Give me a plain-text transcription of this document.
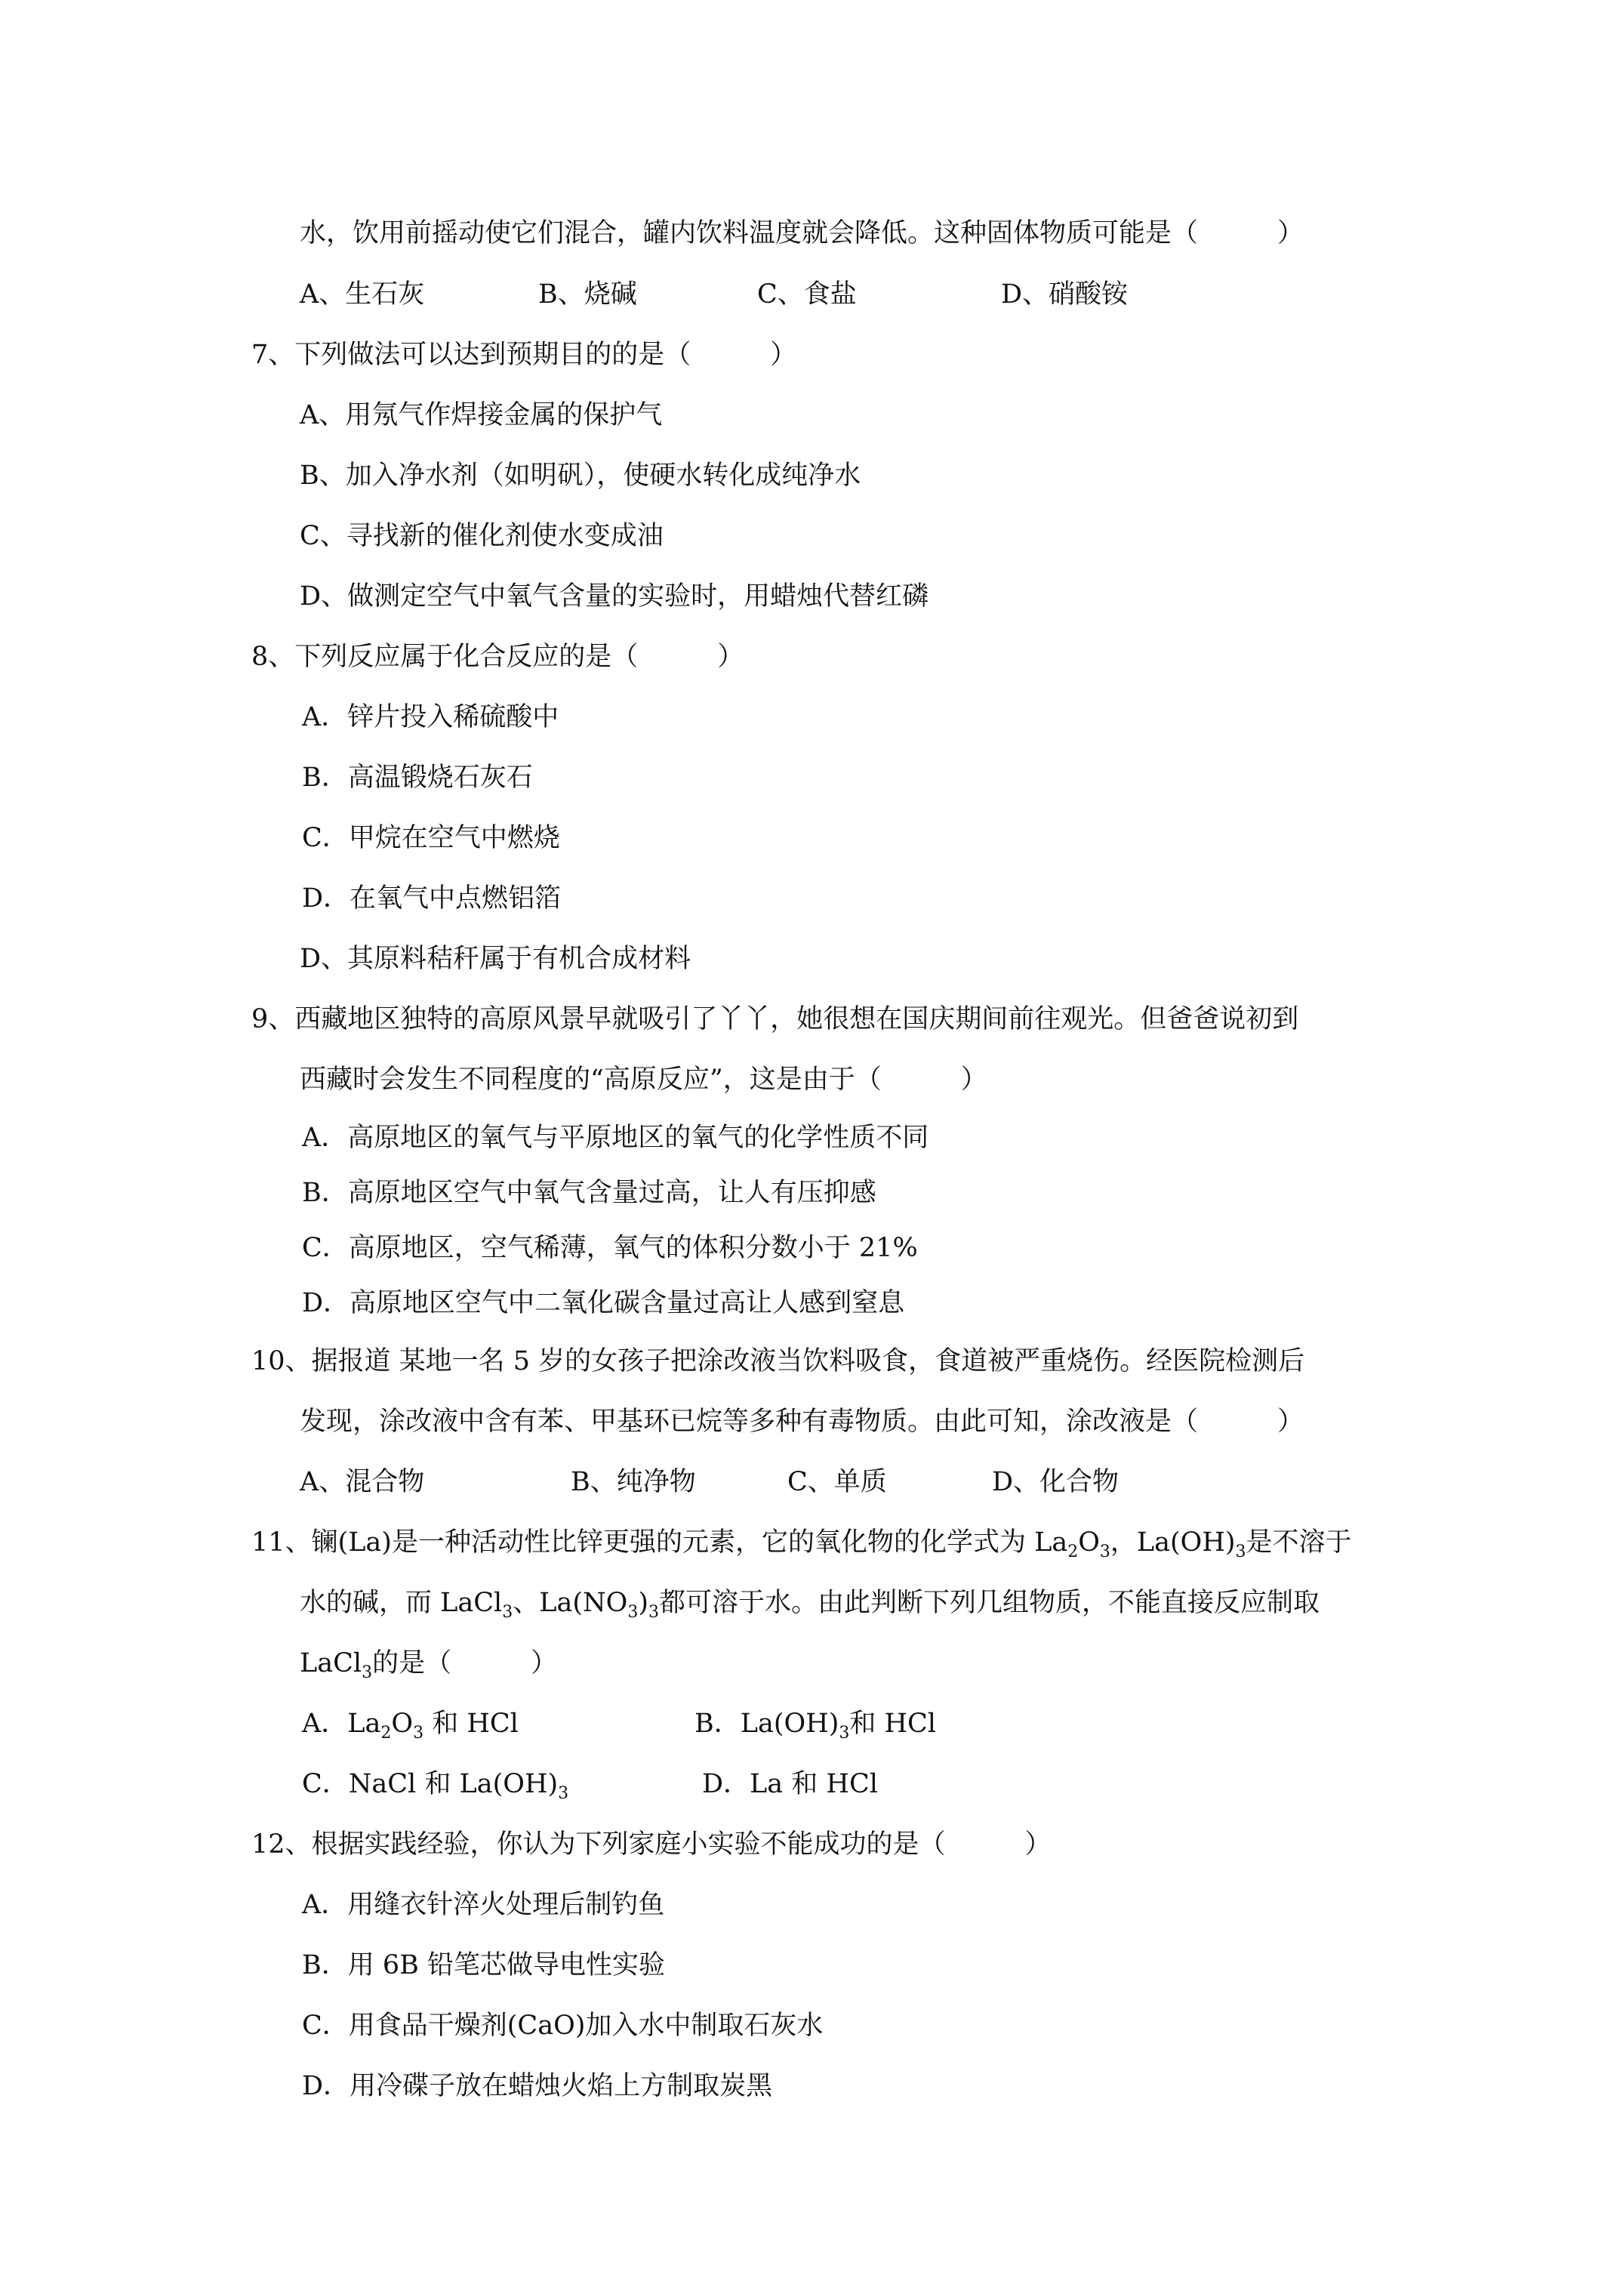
水，饮用前摇动使它们混合，罐内饮料温度就会降低。这种固体物质可能是（　　　）
A、生石灰	B、烧碱	C、食盐	D、硝酸铵
7、下列做法可以达到预期目的的是（　　　）
A、用氖气作焊接金属的保护气
B、加入净水剂（如明矾），使硬水转化成纯净水
C、寻找新的催化剂使水变成油
D、做测定空气中氧气含量的实验时，用蜡烛代替红磷
8、下列反应属于化合反应的是（　　　）
A．锌片投入稀硫酸中
B．高温锻烧石灰石
C．甲烷在空气中燃烧
D．在氧气中点燃铝箔
D、其原料秸秆属于有机合成材料
9、西藏地区独特的高原风景早就吸引了丫丫，她很想在国庆期间前往观光。但爸爸说初到
西藏时会发生不同程度的“高原反应”，这是由于（　　　）
A．高原地区的氧气与平原地区的氧气的化学性质不同
B．高原地区空气中氧气含量过高，让人有压抑感
C．高原地区，空气稀薄，氧气的体积分数小于 21%
D．高原地区空气中二氧化碳含量过高让人感到窒息
10、据报道 某地一名 5 岁的女孩子把涂改液当饮料吸食，食道被严重烧伤。经医院检测后
发现，涂改液中含有苯、甲基环已烷等多种有毒物质。由此可知，涂改液是（　　　）
A、混合物	B、纯净物	C、单质	D、化合物
11、镧(La)是一种活动性比锌更强的元素，它的氧化物的化学式为 $La_2O_3$，$La(OH)_3$是不溶于
水的碱，而 LaCl$_3$、$La(NO_3)_3$都可溶于水。由此判断下列几组物质，不能直接反应制取
LaCl$_3$的是（　　　）
A．$La_2O_3$ 和 HCl	B．$La(OH)_3$和 HCl
C．NaCl 和 $La(OH)_3$	D．La 和 HCl
12、根据实践经验，你认为下列家庭小实验不能成功的是（　　　）
A．用缝衣针淬火处理后制钓鱼
B．用 6B 铅笔芯做导电性实验
C．用食品干燥剂(CaO)加入水中制取石灰水
D．用冷碟子放在蜡烛火焰上方制取炭黑
